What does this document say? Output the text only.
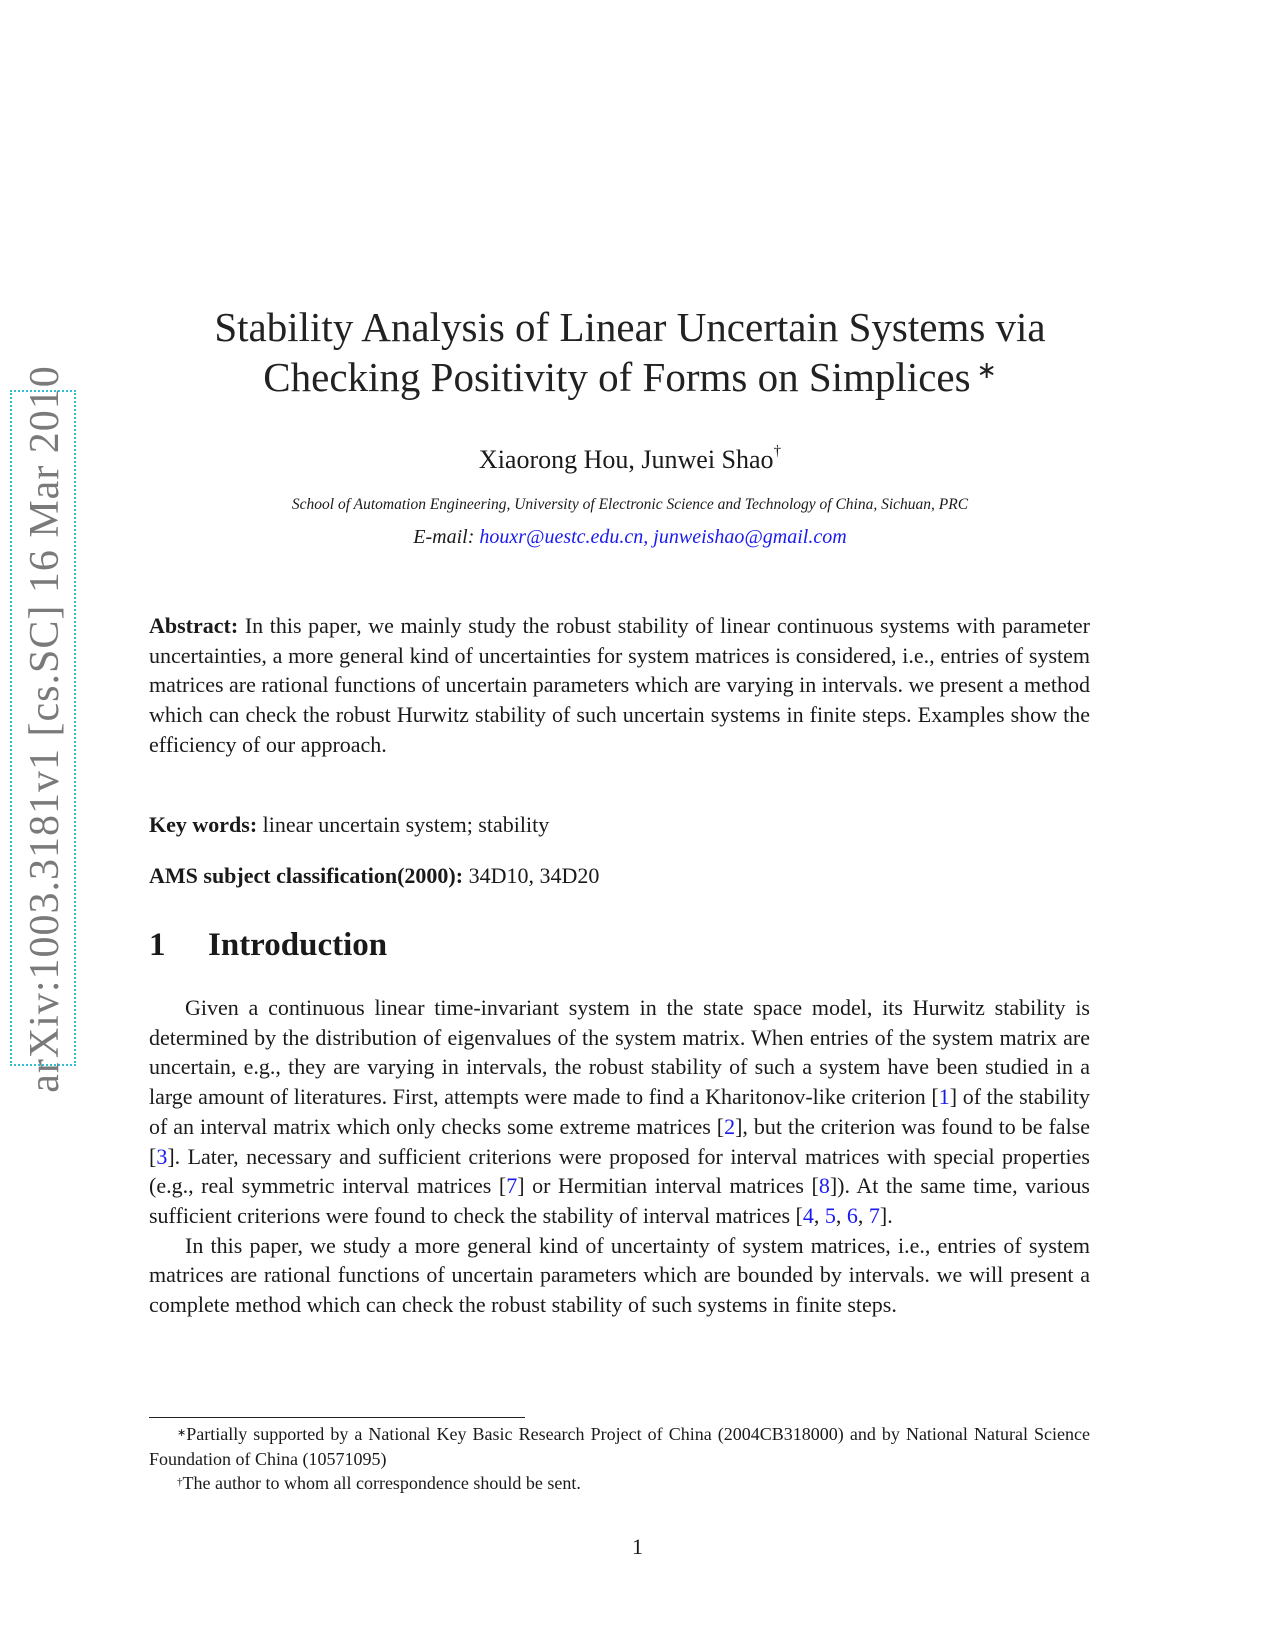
arXiv:1003.3181v1 [cs.SC] 16 Mar 2010
Stability Analysis of Linear Uncertain Systems via
Checking Positivity of Forms on Simplices ∗
Xiaorong Hou, Junwei Shao†
School of Automation Engineering, University of Electronic Science and Technology of China, Sichuan, PRC
E-mail: houxr@uestc.edu.cn, junweishao@gmail.com
Abstract: In this paper, we mainly study the robust stability of linear continuous systems with parameter uncertainties, a more general kind of uncertainties for system matrices is considered, i.e., entries of system matrices are rational functions of uncertain parameters which are varying in intervals. we present a method which can check the robust Hurwitz stability of such uncertain systems in finite steps. Examples show the efficiency of our approach.
Key words: linear uncertain system; stability
AMS subject classification(2000): 34D10, 34D20
1 Introduction

Given a continuous linear time-invariant system in the state space model, its Hurwitz stability is determined by the distribution of eigenvalues of the system matrix. When entries of the system matrix are uncertain, e.g., they are varying in intervals, the robust stability of such a system have been studied in a large amount of literatures. First, attempts were made to find a Kharitonov-like criterion [1] of the stability of an interval matrix which only checks some extreme matrices [2], but the criterion was found to be false [3]. Later, necessary and sufficient criterions were proposed for interval matrices with special properties (e.g., real symmetric interval matrices [7] or Hermitian interval matrices [8]). At the same time, various sufficient criterions were found to check the stability of interval matrices [4, 5, 6, 7].

In this paper, we study a more general kind of uncertainty of system matrices, i.e., entries of system matrices are rational functions of uncertain parameters which are bounded by intervals. we will present a complete method which can check the robust stability of such systems in finite steps.

∗Partially supported by a National Key Basic Research Project of China (2004CB318000) and by National Natural Science Foundation of China (10571095)

†The author to whom all correspondence should be sent.

1
